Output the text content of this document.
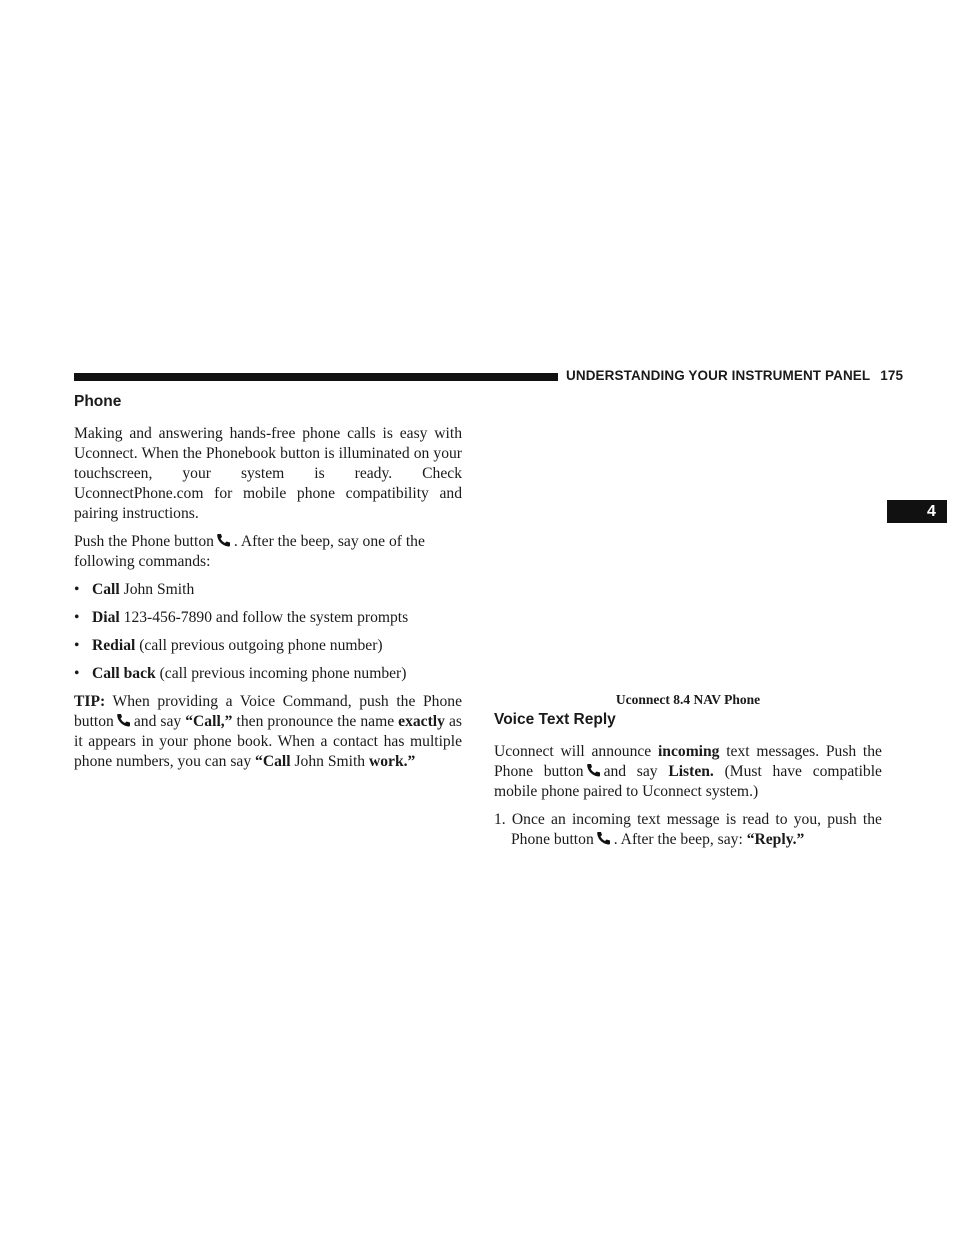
UNDERSTANDING YOUR INSTRUMENT PANEL 175
4
Phone

Making and answering hands-free phone calls is easy with Uconnect. When the Phonebook button is illuminated on your touchscreen, your system is ready. Check UconnectPhone.com for mobile phone compatibility and pairing instructions.

Push the Phone button . After the beep, say one of the following commands:

• Call John Smith
• Dial 123-456-7890 and follow the system prompts
• Redial (call previous outgoing phone number)
• Call back (call previous incoming phone number)

TIP: When providing a Voice Command, push the Phone button and say “Call,” then pronounce the name exactly as it appears in your phone book. When a contact has multiple phone numbers, you can say “Call John Smith work.”

Uconnect 8.4 NAV Phone
Voice Text Reply

Uconnect will announce incoming text messages. Push the Phone button and say Listen. (Must have compatible mobile phone paired to Uconnect system.)

1. Once an incoming text message is read to you, push the Phone button . After the beep, say: “Reply.”
